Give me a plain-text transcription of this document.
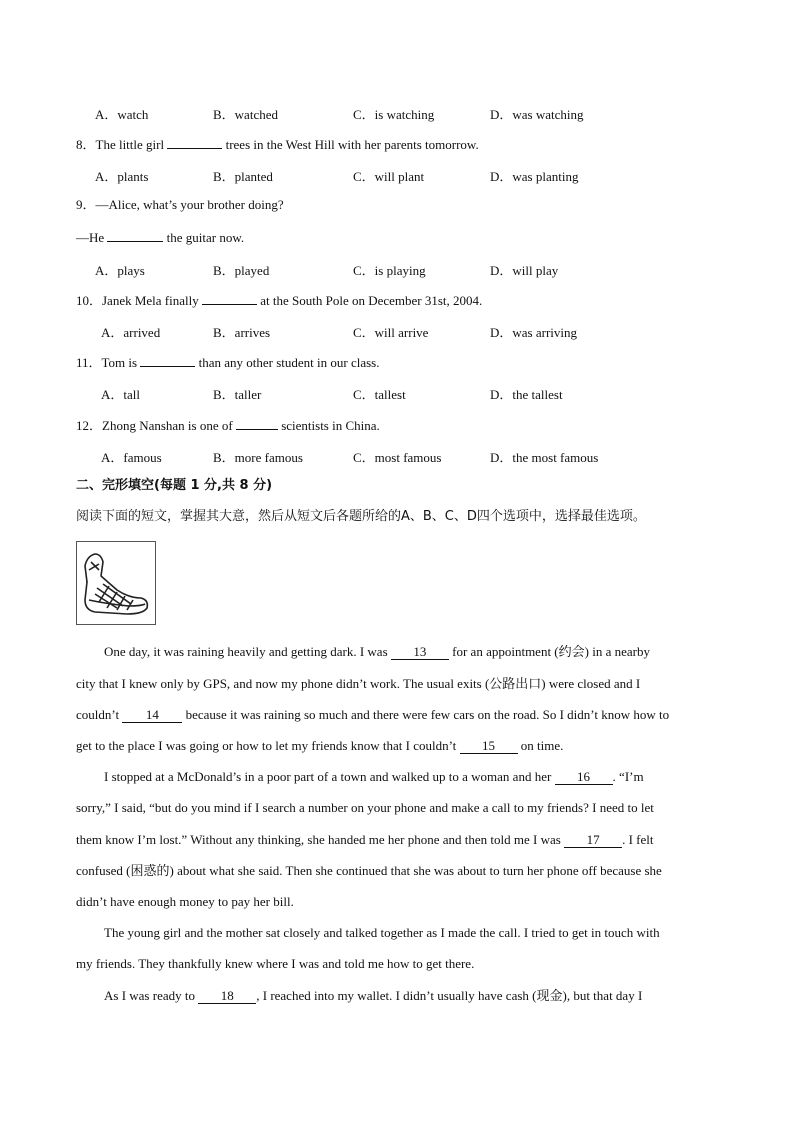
A．watch	B．watched	C．is watching	D．was watching
8．The little girl	trees in the West Hill with her parents tomorrow.
A．plants	B．planted	C．will plant	D．was planting
9．—Alice, what’s your brother doing?
—He	the guitar now.
A．plays	B．played	C．is playing	D．will play
10．Janek Mela finally	at the South Pole on December 31st, 2004.
A．arrived	B．arrives	C．will arrive	D．was arriving
11．Tom is	than any other student in our class.
A．tall	B．taller	C．tallest	D．the tallest
12．Zhong Nanshan is one of	scientists in China.
A．famous	B．more famous	C．most famous	D．the most famous
二、完形填空(每题 1 分,共 8 分)
阅读下面的短文，掌握其大意，然后从短文后各题所给的A、B、C、D四个选项中，选择最佳选项。
One day, it was raining heavily and getting dark. I was 13 for an appointment (约会) in a nearby
city that I knew only by GPS, and now my phone didn’t work. The usual exits (公路出口) were closed and I
couldn’t 14 because it was raining so much and there were few cars on the road. So I didn’t know how to
get to the place I was going or how to let my friends know that I couldn’t 15 on time.
I stopped at a McDonald’s in a poor part of a town and walked up to a woman and her 16 . “I’m
sorry,” I said, “but do you mind if I search a number on your phone and make a call to my friends? I need to let
them know I’m lost.” Without any thinking, she handed me her phone and then told me I was 17 . I felt
confused (困惑的) about what she said. Then she continued that she was about to turn her phone off because she
didn’t have enough money to pay her bill.
The young girl and the mother sat closely and talked together as I made the call. I tried to get in touch with
my friends. They thankfully knew where I was and told me how to get there.
As I was ready to 18 , I reached into my wallet. I didn’t usually have cash (现金), but that day I
